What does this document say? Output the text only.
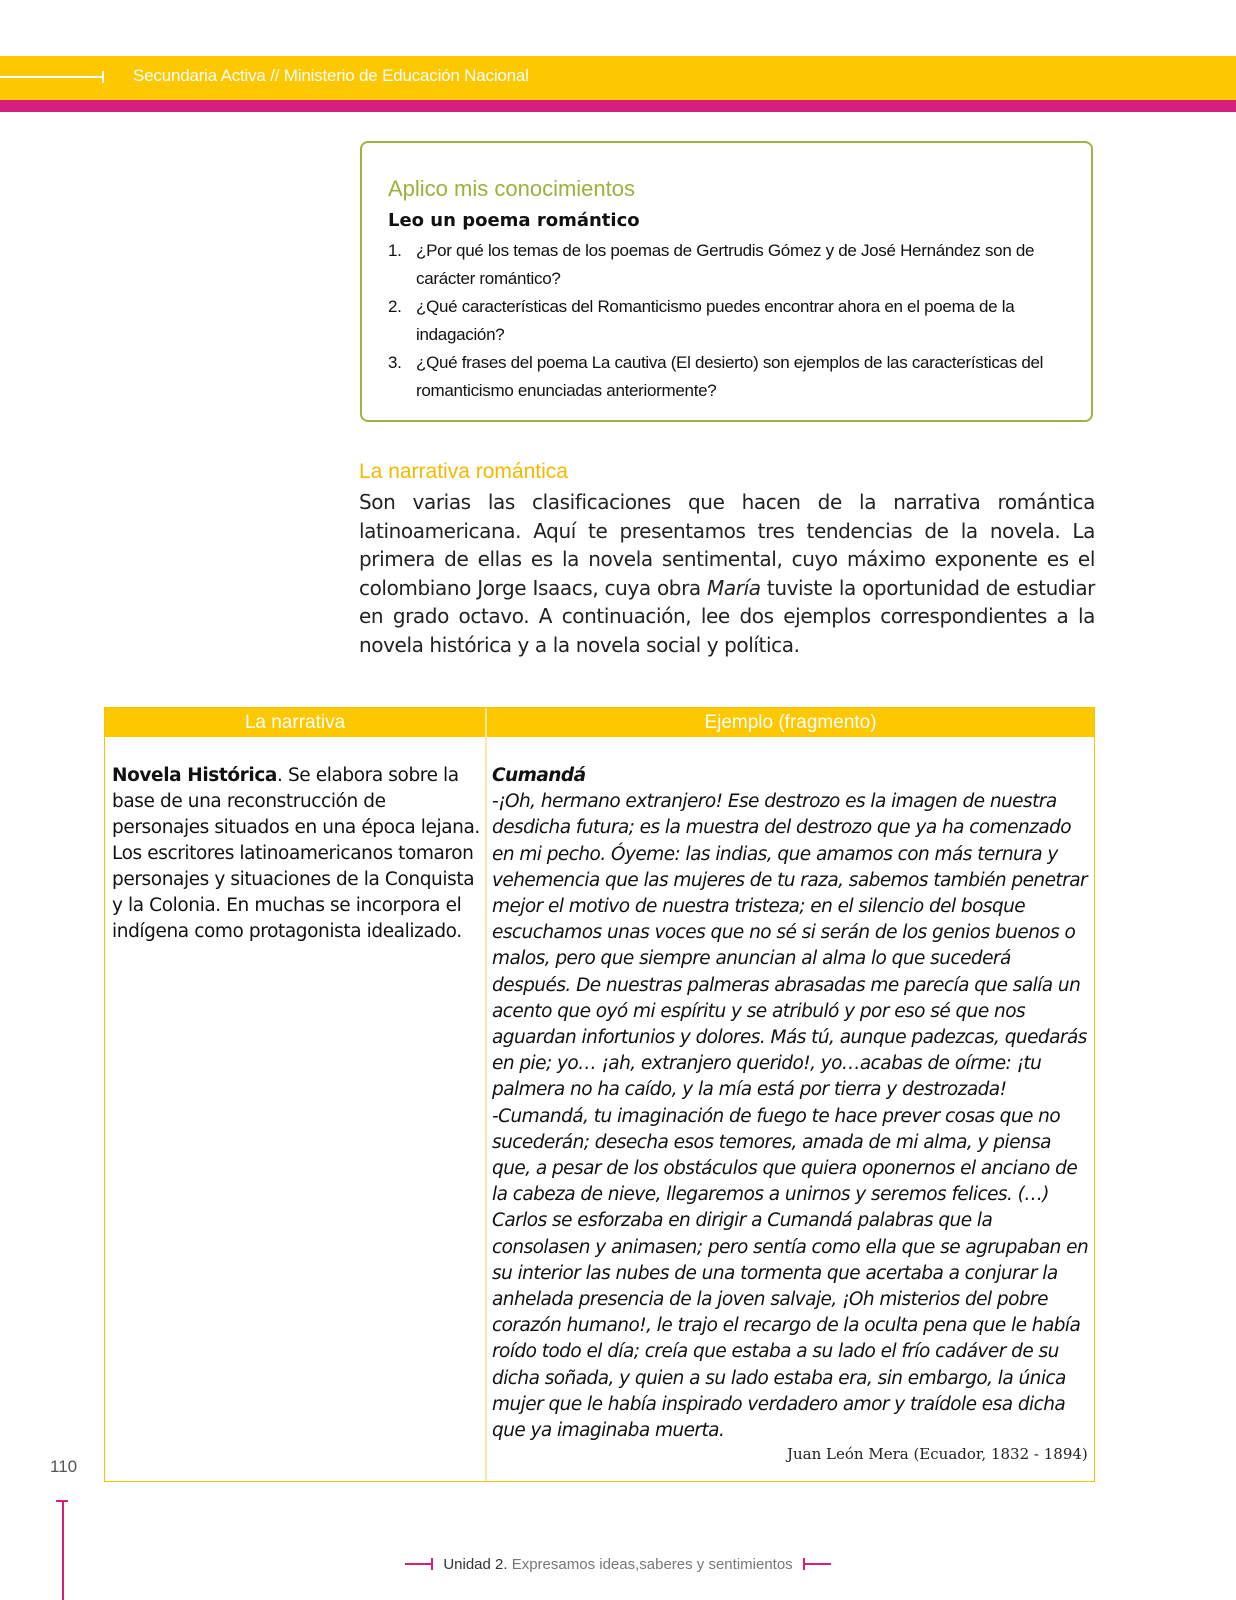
Secundaria Activa // Ministerio de Educación Nacional
Aplico mis conocimientos
Leo un poema romántico
1. ¿Por qué los temas de los poemas de Gertrudis Gómez y de José Hernández son de carácter romántico?
2. ¿Qué características del Romanticismo puedes encontrar ahora en el poema de la indagación?
3. ¿Qué frases del poema La cautiva (El desierto) son ejemplos de las características del romanticismo enunciadas anteriormente?
La narrativa romántica

Son varias las clasificaciones que hacen de la narrativa romántica latinoamericana. Aquí te presentamos tres tendencias de la novela. La primera de ellas es la novela sentimental, cuyo máximo exponente es el colombiano Jorge Isaacs, cuya obra María tuviste la oportunidad de estudiar en grado octavo. A continuación, lee dos ejemplos correspondientes a la novela histórica y a la novela social y política.

La narrativa	Ejemplo (fragmento)

Novela Histórica. Se elabora sobre la base de una reconstrucción de personajes situados en una época lejana. Los escritores latinoamericanos tomaron personajes y situaciones de la Conquista y la Colonia. En muchas se incorpora el indígena como protagonista idealizado.

Cumandá
-¡Oh, hermano extranjero! Ese destrozo es la imagen de nuestra desdicha futura; es la muestra del destrozo que ya ha comenzado en mi pecho. Óyeme: las indias, que amamos con más ternura y vehemencia que las mujeres de tu raza, sabemos también penetrar mejor el motivo de nuestra tristeza; en el silencio del bosque escuchamos unas voces que no sé si serán de los genios buenos o malos, pero que siempre anuncian al alma lo que sucederá después. De nuestras palmeras abrasadas me parecía que salía un acento que oyó mi espíritu y se atribuló y por eso sé que nos aguardan infortunios y dolores. Más tú, aunque padezcas, quedarás en pie; yo… ¡ah, extranjero querido!, yo…acabas de oírme: ¡tu palmera no ha caído, y la mía está por tierra y destrozada!
-Cumandá, tu imaginación de fuego te hace prever cosas que no sucederán; desecha esos temores, amada de mi alma, y piensa que, a pesar de los obstáculos que quiera oponernos el anciano de la cabeza de nieve, llegaremos a unirnos y seremos felices. (…)
Carlos se esforzaba en dirigir a Cumandá palabras que la consolasen y animasen; pero sentía como ella que se agrupaban en su interior las nubes de una tormenta que acertaba a conjurar la anhelada presencia de la joven salvaje, ¡Oh misterios del pobre corazón humano!, le trajo el recargo de la oculta pena que le había roído todo el día; creía que estaba a su lado el frío cadáver de su dicha soñada, y quien a su lado estaba era, sin embargo, la única mujer que le había inspirado verdadero amor y traídole esa dicha que ya imaginaba muerta.
Juan León Mera (Ecuador, 1832 - 1894)
110
Unidad 2. Expresamos ideas,saberes y sentimientos
